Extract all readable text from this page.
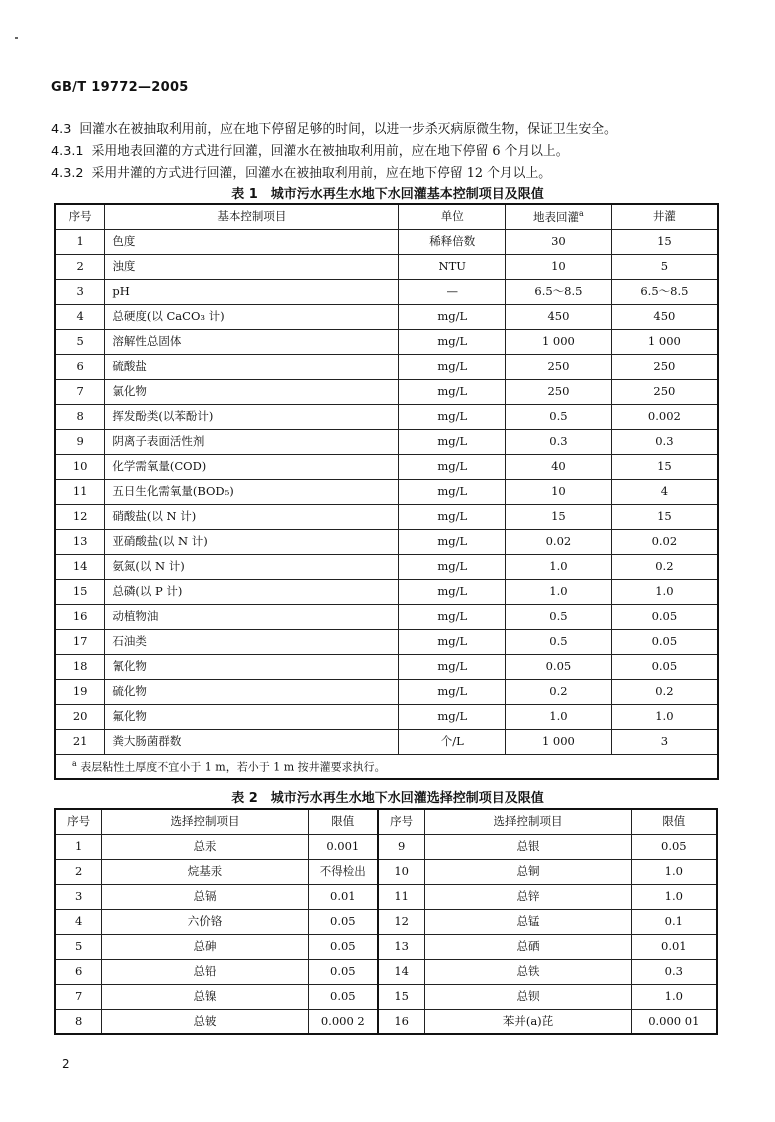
GB/T 19772—2005
4.3 回灌水在被抽取利用前，应在地下停留足够的时间，以进一步杀灭病原微生物，保证卫生安全。
4.3.1 采用地表回灌的方式进行回灌，回灌水在被抽取利用前，应在地下停留 6 个月以上。
4.3.2 采用井灌的方式进行回灌，回灌水在被抽取利用前，应在地下停留 12 个月以上。
表 1　城市污水再生水地下水回灌基本控制项目及限值
序号	基本控制项目	单位	地表回灌$^a$	井灌
1	色度	稀释倍数	30	15
2	浊度	NTU	10	5
3	pH	—	6.5～8.5	6.5～8.5
4	总硬度(以 CaCO₃ 计)	mg/L	450	450
5	溶解性总固体	mg/L	1 000	1 000
6	硫酸盐	mg/L	250	250
7	氯化物	mg/L	250	250
8	挥发酚类(以苯酚计)	mg/L	0.5	0.002
9	阴离子表面活性剂	mg/L	0.3	0.3
10	化学需氧量(COD)	mg/L	40	15
11	五日生化需氧量(BOD₅)	mg/L	10	4
12	硝酸盐(以 N 计)	mg/L	15	15
13	亚硝酸盐(以 N 计)	mg/L	0.02	0.02
14	氨氮(以 N 计)	mg/L	1.0	0.2
15	总磷(以 P 计)	mg/L	1.0	1.0
16	动植物油	mg/L	0.5	0.05
17	石油类	mg/L	0.5	0.05
18	氰化物	mg/L	0.05	0.05
19	硫化物	mg/L	0.2	0.2
20	氟化物	mg/L	1.0	1.0
21	粪大肠菌群数	个/L	1 000	3
$^a$ 表层粘性土厚度不宜小于 1 m，若小于 1 m 按井灌要求执行。				
表 2　城市污水再生水地下水回灌选择控制项目及限值
序号	选择控制项目	限值	序号	选择控制项目	限值
1	总汞	0.001	9	总银	0.05
2	烷基汞	不得检出	10	总铜	1.0
3	总镉	0.01	11	总锌	1.0
4	六价铬	0.05	12	总锰	0.1
5	总砷	0.05	13	总硒	0.01
6	总铅	0.05	14	总铁	0.3
7	总镍	0.05	15	总钡	1.0
8	总铍	0.000 2	16	苯并(a)芘	0.000 01
2
